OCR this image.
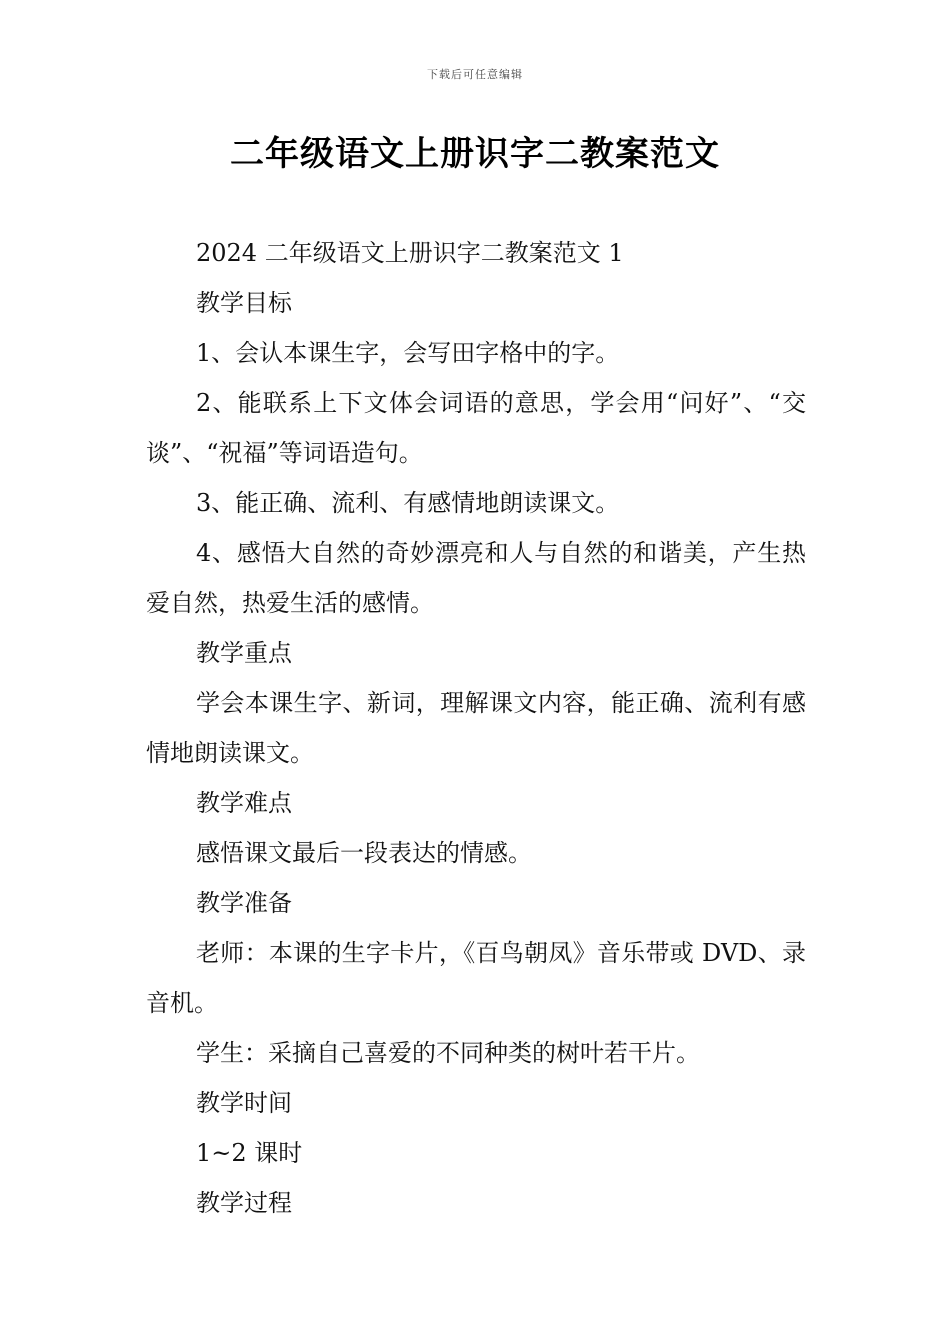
下载后可任意编辑
二年级语文上册识字二教案范文

2024 二年级语文上册识字二教案范文 1

教学目标

1、会认本课生字，会写田字格中的字。

2、能联系上下文体会词语的意思，学会用“问好”、“交谈”、“祝福”等词语造句。

3、能正确、流利、有感情地朗读课文。

4、感悟大自然的奇妙漂亮和人与自然的和谐美，产生热爱自然，热爱生活的感情。

教学重点

学会本课生字、新词，理解课文内容，能正确、流利有感情地朗读课文。

教学难点

感悟课文最后一段表达的情感。

教学准备

老师：本课的生字卡片，《百鸟朝凤》音乐带或 DVD、录音机。

学生：采摘自己喜爱的不同种类的树叶若干片。

教学时间

1~2 课时

教学过程
